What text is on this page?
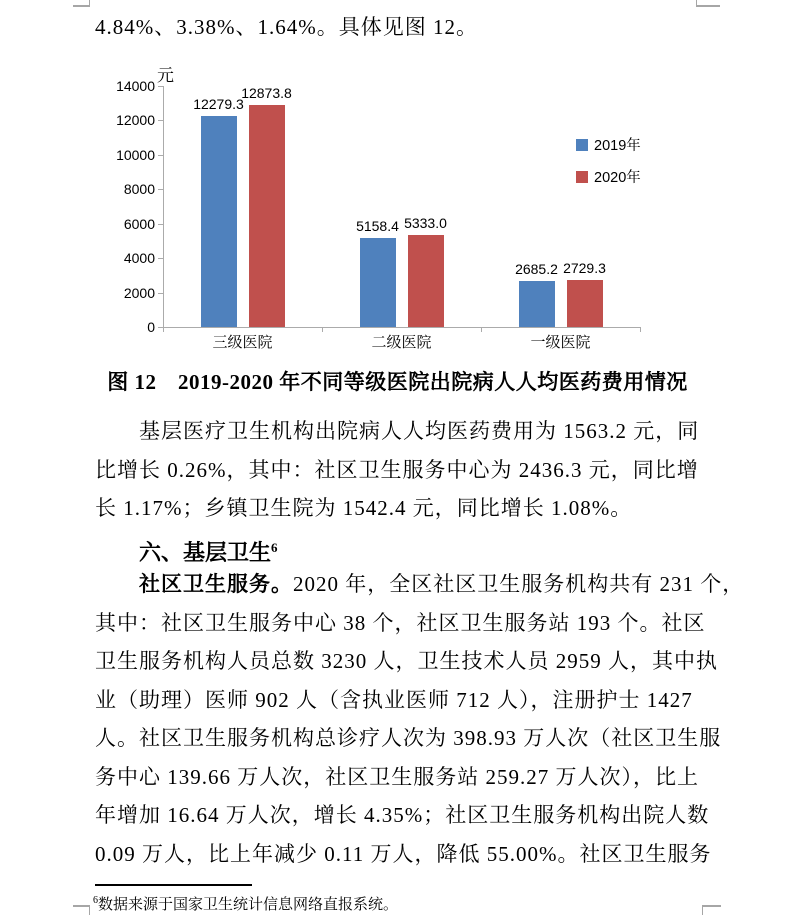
4.84%、3.38%、1.64%。具体见图 12。
元
0
2000
4000
6000
8000
10000
12000
14000
三级医院	二级医院	一级医院
12279.3
5158.4
2685.2
12873.8
5333.0
2729.3
2019年
2020年
图 12　2019-2020 年不同等级医院出院病人人均医药费用情况
基层医疗卫生机构出院病人人均医药费用为 1563.2 元，同
比增长 0.26%，其中：社区卫生服务中心为 2436.3 元，同比增
长 1.17%；乡镇卫生院为 1542.4 元，同比增长 1.08%。
六、基层卫生$^6$
社区卫生服务。2020 年，全区社区卫生服务机构共有 231 个，
其中：社区卫生服务中心 38 个，社区卫生服务站 193 个。社区
卫生服务机构人员总数 3230 人，卫生技术人员 2959 人，其中执
业（助理）医师 902 人（含执业医师 712 人），注册护士 1427
人。社区卫生服务机构总诊疗人次为 398.93 万人次（社区卫生服
务中心 139.66 万人次，社区卫生服务站 259.27 万人次），比上
年增加 16.64 万人次，增长 4.35%；社区卫生服务机构出院人数
0.09 万人，比上年减少 0.11 万人，降低 55.00%。社区卫生服务
$^6$数据来源于国家卫生统计信息网络直报系统。
